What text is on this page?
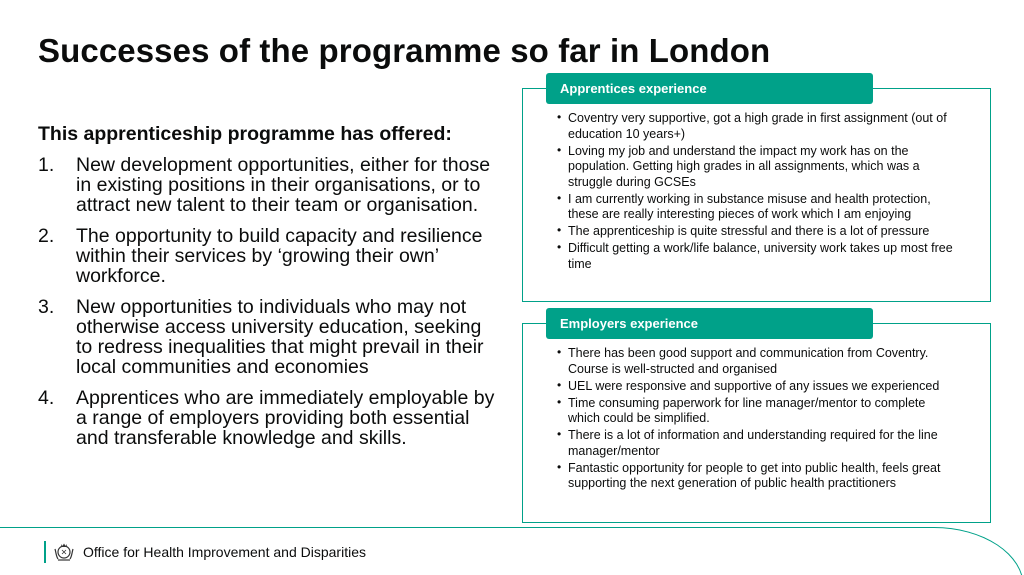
Successes of the programme so far in London
This apprenticeship programme has offered:
1. New development opportunities, either for those in existing positions in their organisations, or to attract new talent to their team or organisation.
2. The opportunity to build capacity and resilience within their services by ‘growing their own’ workforce.
3. New opportunities to individuals who may not otherwise access university education, seeking to redress inequalities that might prevail in their local communities and economies
4. Apprentices who are immediately employable by a range of employers providing both essential and transferable knowledge and skills.
Apprentices experience
• Coventry very supportive, got a high grade in first assignment (out of education 10 years+)
• Loving my job and understand the impact my work has on the population. Getting high grades in all assignments, which was a struggle during GCSEs
• I am currently working in substance misuse and health protection, these are really interesting pieces of work which I am enjoying
• The apprenticeship is quite stressful and there is a lot of pressure
• Difficult getting a work/life balance, university work takes up most free time
Employers experience
• There has been good support and communication from Coventry. Course is well-structed and organised
• UEL were responsive and supportive of any issues we experienced
• Time consuming paperwork for line manager/mentor to complete which could be simplified.
• There is a lot of information and understanding required for the line manager/mentor
• Fantastic opportunity for people to get into public health, feels great supporting the next generation of public health practitioners
Office for Health Improvement and Disparities
